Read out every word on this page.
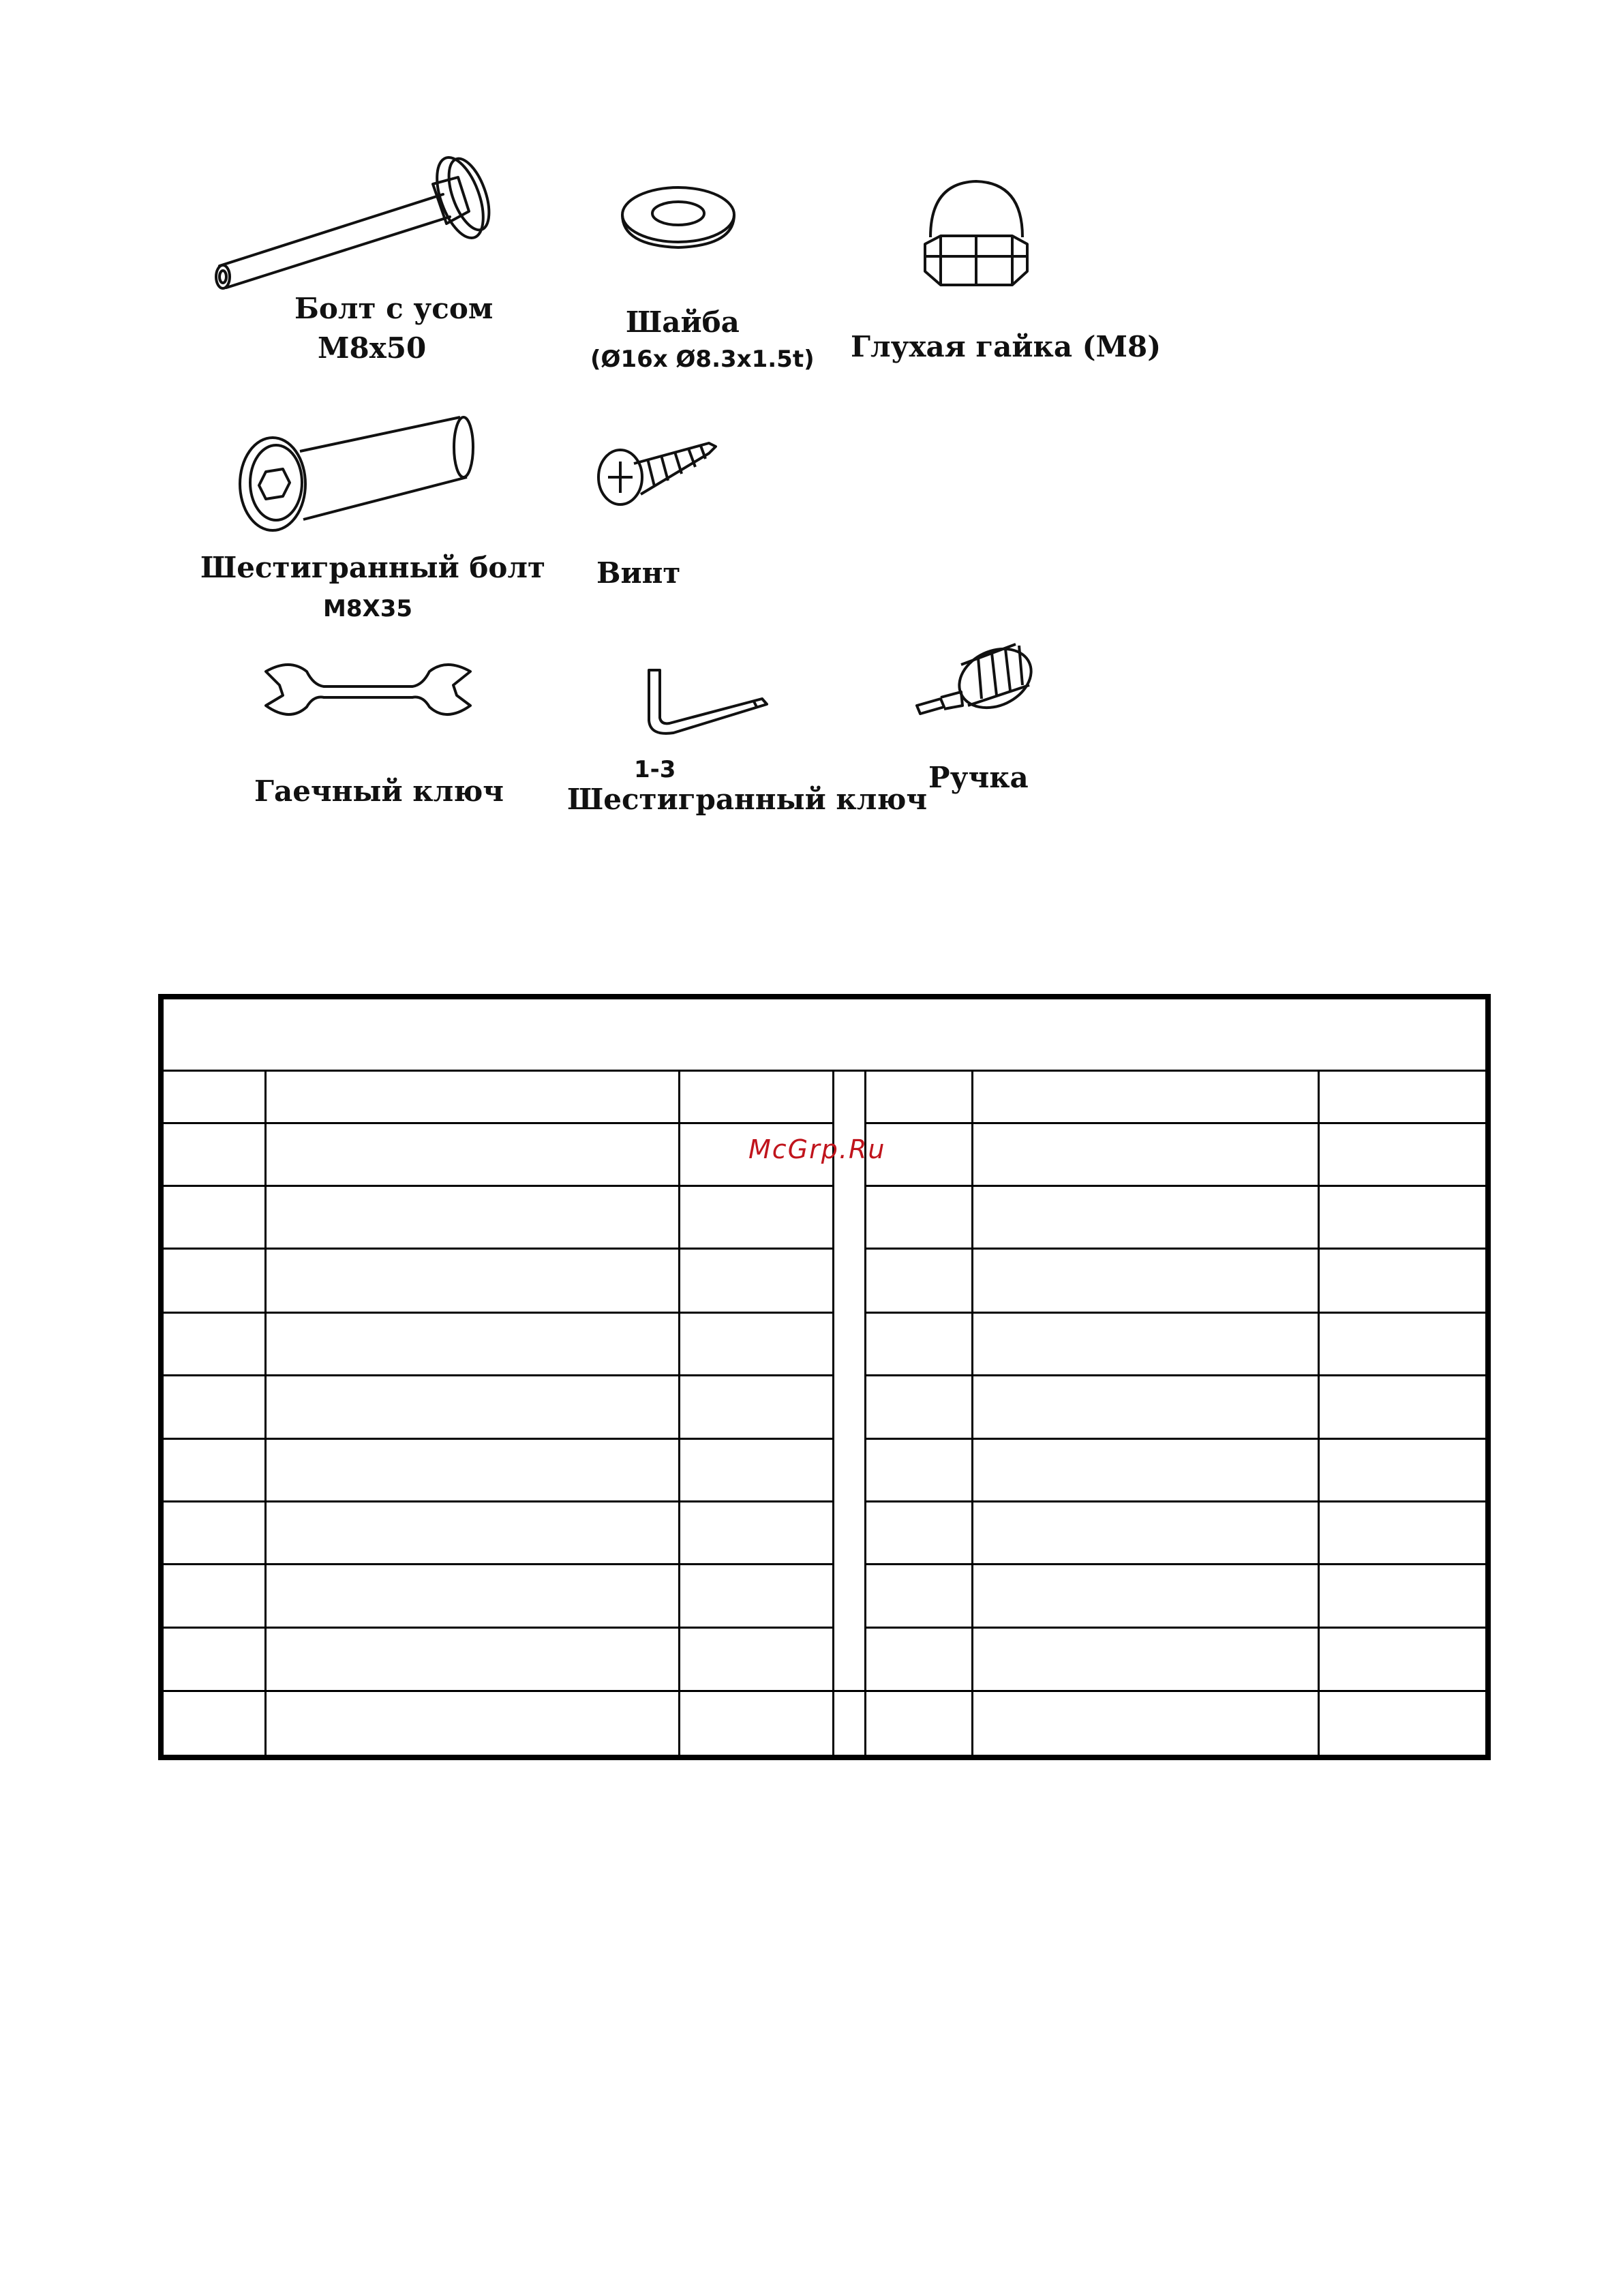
Болт с усом
M8x50
Шайба
(Ø16x Ø8.3x1.5t) Глухая гайка (M8)
Шестигранный болт
M8X35
Винт
Гаечный ключ
1-3
Шестигранный ключ
Ручка
McGrp.Ru
